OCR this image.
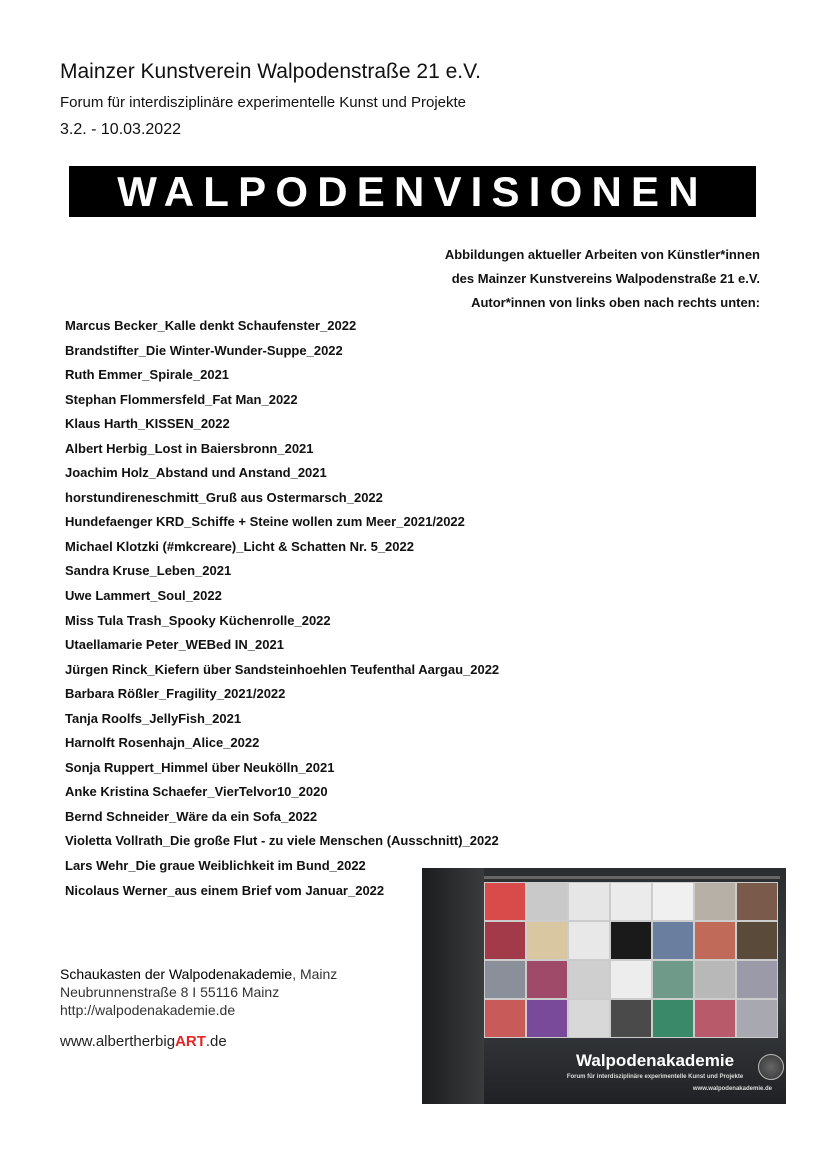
Mainzer Kunstverein Walpodenstraße 21 e.V.
Forum für interdisziplinäre experimentelle Kunst und Projekte
3.2. - 10.03.2022
WALPODENVISIONEN
Abbildungen aktueller Arbeiten von Künstler*innen
des Mainzer Kunstvereins Walpodenstraße 21 e.V.
Autor*innen von links oben nach rechts unten:
Marcus Becker_Kalle denkt Schaufenster_2022
Brandstifter_Die Winter-Wunder-Suppe_2022
Ruth Emmer_Spirale_2021
Stephan Flommersfeld_Fat Man_2022
Klaus Harth_KISSEN_2022
Albert Herbig_Lost in Baiersbronn_2021
Joachim Holz_Abstand und Anstand_2021
horstundireneschmitt_Gruß aus Ostermarsch_2022
Hundefaenger KRD_Schiffe + Steine wollen zum Meer_2021/2022
Michael Klotzki (#mkcreare)_Licht & Schatten Nr. 5_2022
Sandra Kruse_Leben_2021
Uwe Lammert_Soul_2022
Miss Tula Trash_Spooky Küchenrolle_2022
Utaellamarie Peter_WEBed IN_2021
Jürgen Rinck_Kiefern über Sandsteinhoehlen Teufenthal Aargau_2022
Barbara Rößler_Fragility_2021/2022
Tanja Roolfs_JellyFish_2021
Harnolft Rosenhajn_Alice_2022
Sonja Ruppert_Himmel über Neukölln_2021
Anke Kristina Schaefer_VierTelvor10_2020
Bernd Schneider_Wäre da ein Sofa_2022
Violetta Vollrath_Die große Flut - zu viele Menschen (Ausschnitt)_2022
Lars Wehr_Die graue Weiblichkeit im Bund_2022
Nicolaus Werner_aus einem Brief vom Januar_2022
Schaukasten der Walpodenakademie, Mainz
Neubrunnenstraße 8 I 55116 Mainz
http://walpodenakademie.de
www.albertherbigART.de
Walpodenakademie
Forum für interdisziplinäre experimentelle Kunst und Projekte
www.walpodenakademie.de
